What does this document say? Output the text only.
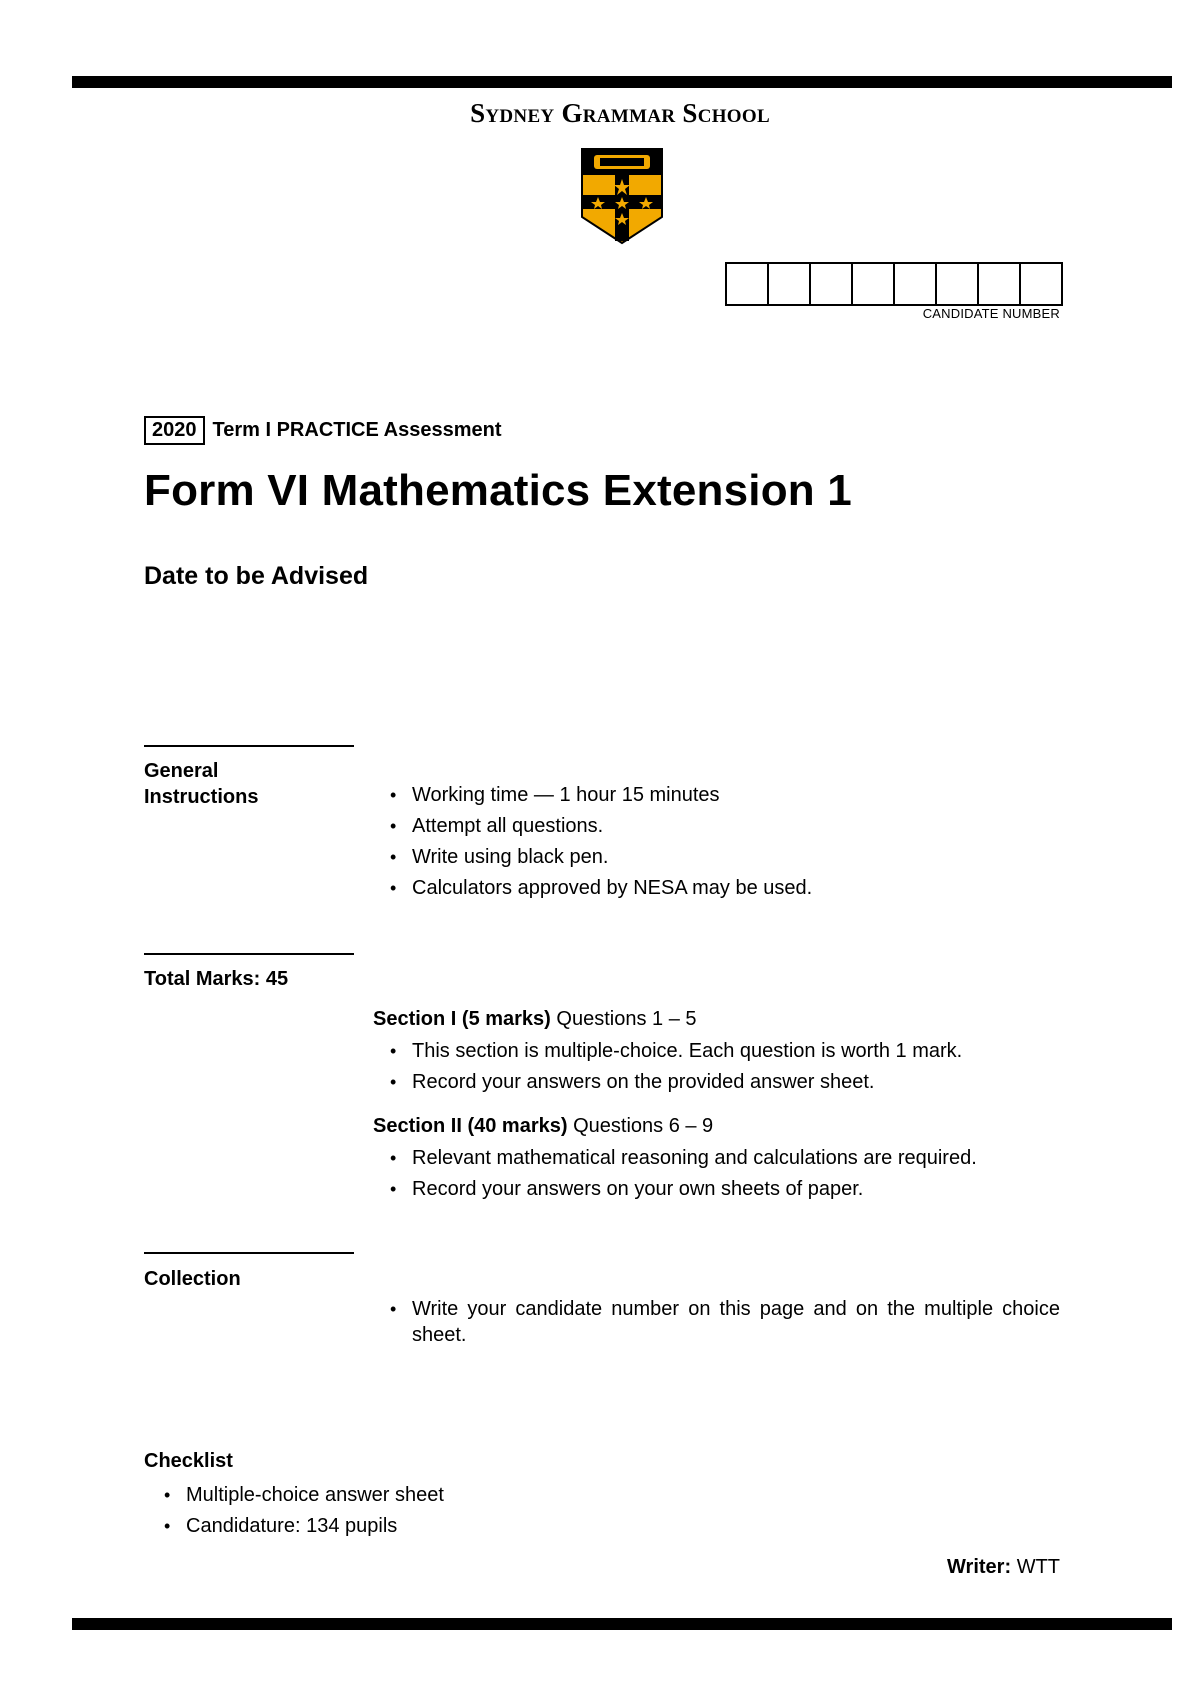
Sydney Grammar School
CANDIDATE NUMBER
2020 Term I PRACTICE Assessment
Form VI Mathematics Extension 1
Date to be Advised
General
Instructions
•	Working time — 1 hour 15 minutes
• Attempt all questions.
• Write using black pen.
• Calculators approved by NESA may be used.
Total Marks: 45
Section I (5 marks) Questions 1 – 5
• This section is multiple-choice. Each question is worth 1 mark.
• Record your answers on the provided answer sheet.
Section II (40 marks) Questions 6 – 9
• Relevant mathematical reasoning and calculations are required.
• Record your answers on your own sheets of paper.
Collection
• Write your candidate number on this page and on the multiple choice sheet.
Checklist
• Multiple-choice answer sheet
• Candidature: 134 pupils
Writer: WTT
